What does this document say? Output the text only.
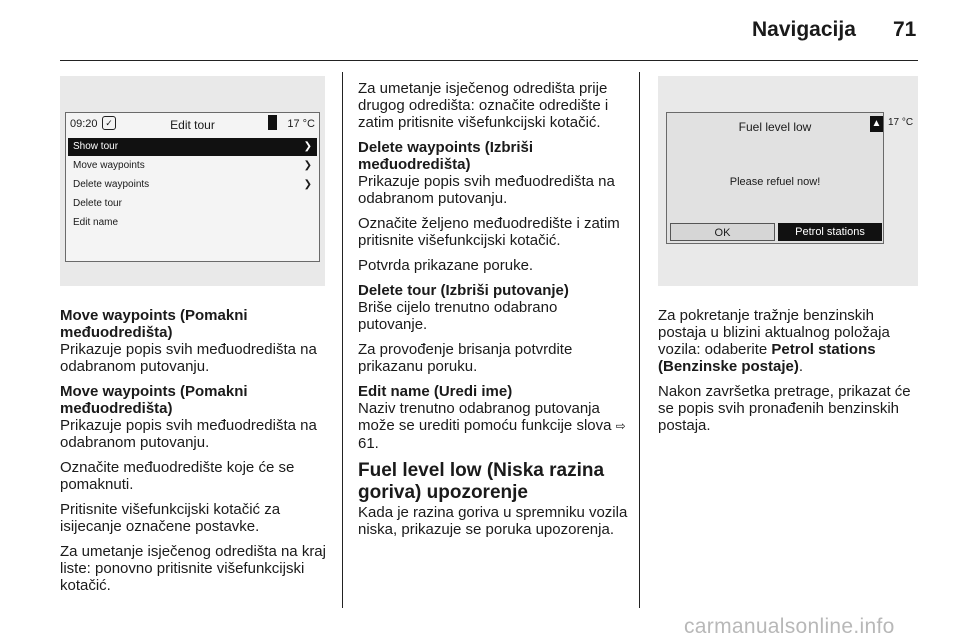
Navigacija 71
09:20 ✓	Edit tour	17 °C
Show tour	❯
Move waypoints	❯
Delete waypoints	❯
Delete tour
Edit name
Fuel level low
Please refuel now!
OK	Petrol stations
▲ 17 °C

Move waypoints (Pomakni međuodredišta)

Prikazuje popis svih međuodredišta na odabranom putovanju.

Move waypoints (Pomakni međuodredišta)

Prikazuje popis svih međuodredišta na odabranom putovanju.

Označite međuodredište koje će se pomaknuti.

Pritisnite višefunkcijski kotačić za isijecanje označene postavke.

Za umetanje isječenog odredišta na kraj liste: ponovno pritisnite višefunkcijski kotačić.

Za umetanje isječenog odredišta prije drugog odredišta: označite odredište i zatim pritisnite višefunkcijski kotačić.

Delete waypoints (Izbriši međuodredišta)

Prikazuje popis svih međuodredišta na odabranom putovanju.

Označite željeno međuodredište i zatim pritisnite višefunkcijski kotačić.

Potvrda prikazane poruke.

Delete tour (Izbriši putovanje)

Briše cijelo trenutno odabrano putovanje.

Za provođenje brisanja potvrdite prikazanu poruku.

Edit name (Uredi ime)

Naziv trenutno odabranog putovanja može se urediti pomoću funkcije slova ⇨ 61.

Fuel level low (Niska razina goriva) upozorenje

Kada je razina goriva u spremniku vozila niska, prikazuje se poruka upozorenja.

Za pokretanje tražnje benzinskih postaja u blizini aktualnog položaja vozila: odaberite Petrol stations (Benzinske postaje).

Nakon završetka pretrage, prikazat će se popis svih pronađenih benzinskih postaja.

carmanualsonline.info
